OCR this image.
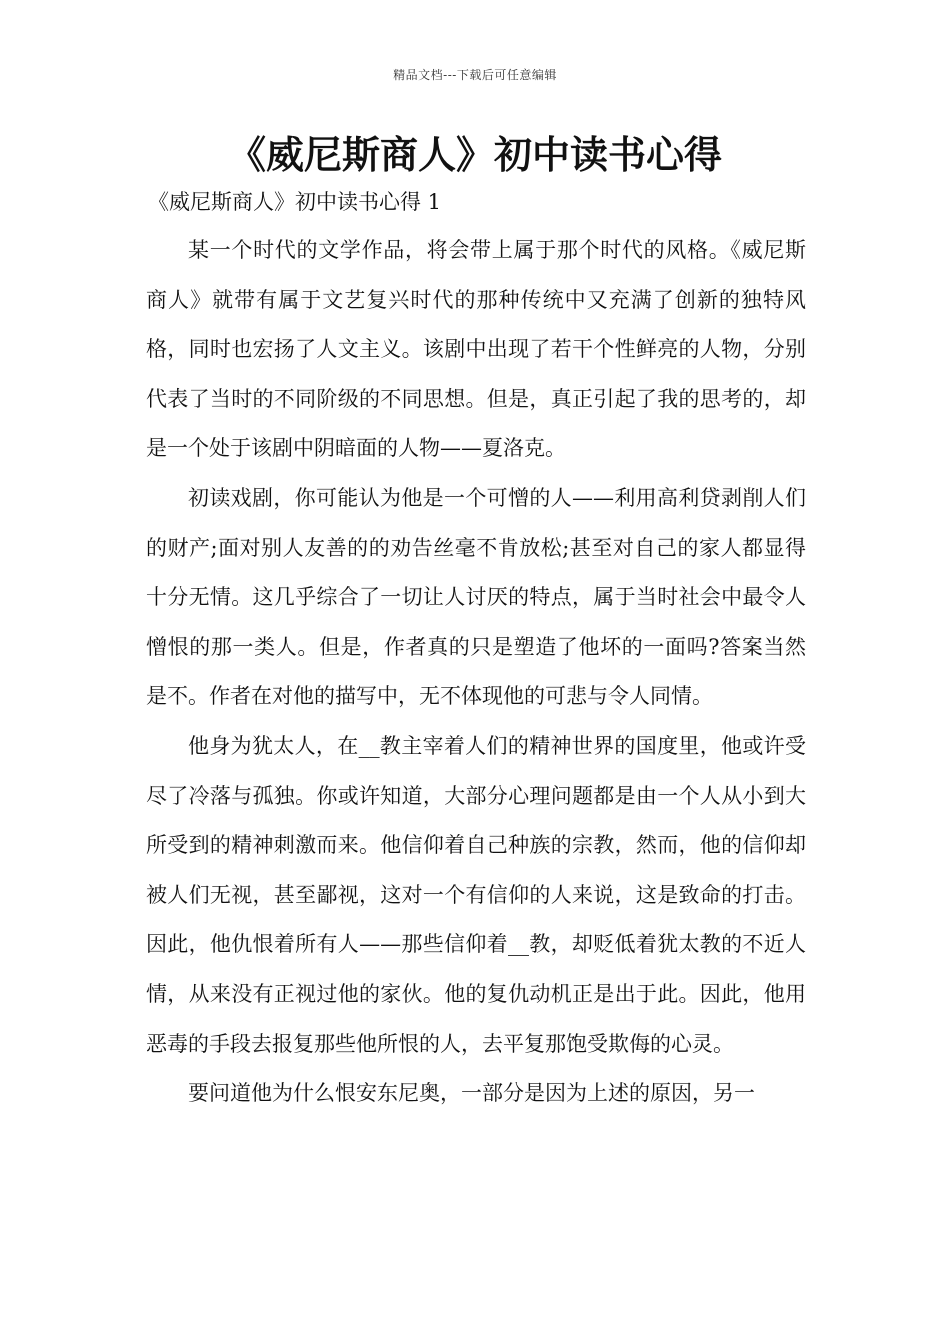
精品文档---下载后可任意编辑
《威尼斯商人》初中读书心得
《威尼斯商人》初中读书心得 1

某一个时代的文学作品，将会带上属于那个时代的风格。《威尼斯商人》就带有属于文艺复兴时代的那种传统中又充满了创新的独特风格，同时也宏扬了人文主义。该剧中出现了若干个性鲜亮的人物，分别代表了当时的不同阶级的不同思想。但是，真正引起了我的思考的，却是一个处于该剧中阴暗面的人物——夏洛克。

初读戏剧，你可能认为他是一个可憎的人——利用高利贷剥削人们的财产;面对别人友善的的劝告丝毫不肯放松;甚至对自己的家人都显得十分无情。这几乎综合了一切让人讨厌的特点，属于当时社会中最令人憎恨的那一类人。但是，作者真的只是塑造了他坏的一面吗?答案当然是不。作者在对他的描写中，无不体现他的可悲与令人同情。

他身为犹太人，在__教主宰着人们的精神世界的国度里，他或许受尽了冷落与孤独。你或许知道，大部分心理问题都是由一个人从小到大所受到的精神刺激而来。他信仰着自己种族的宗教，然而，他的信仰却被人们无视，甚至鄙视，这对一个有信仰的人来说，这是致命的打击。因此，他仇恨着所有人——那些信仰着__教，却贬低着犹太教的不近人情，从来没有正视过他的家伙。他的复仇动机正是出于此。因此，他用恶毒的手段去报复那些他所恨的人，去平复那饱受欺侮的心灵。

要问道他为什么恨安东尼奥，一部分是因为上述的原因，另一
